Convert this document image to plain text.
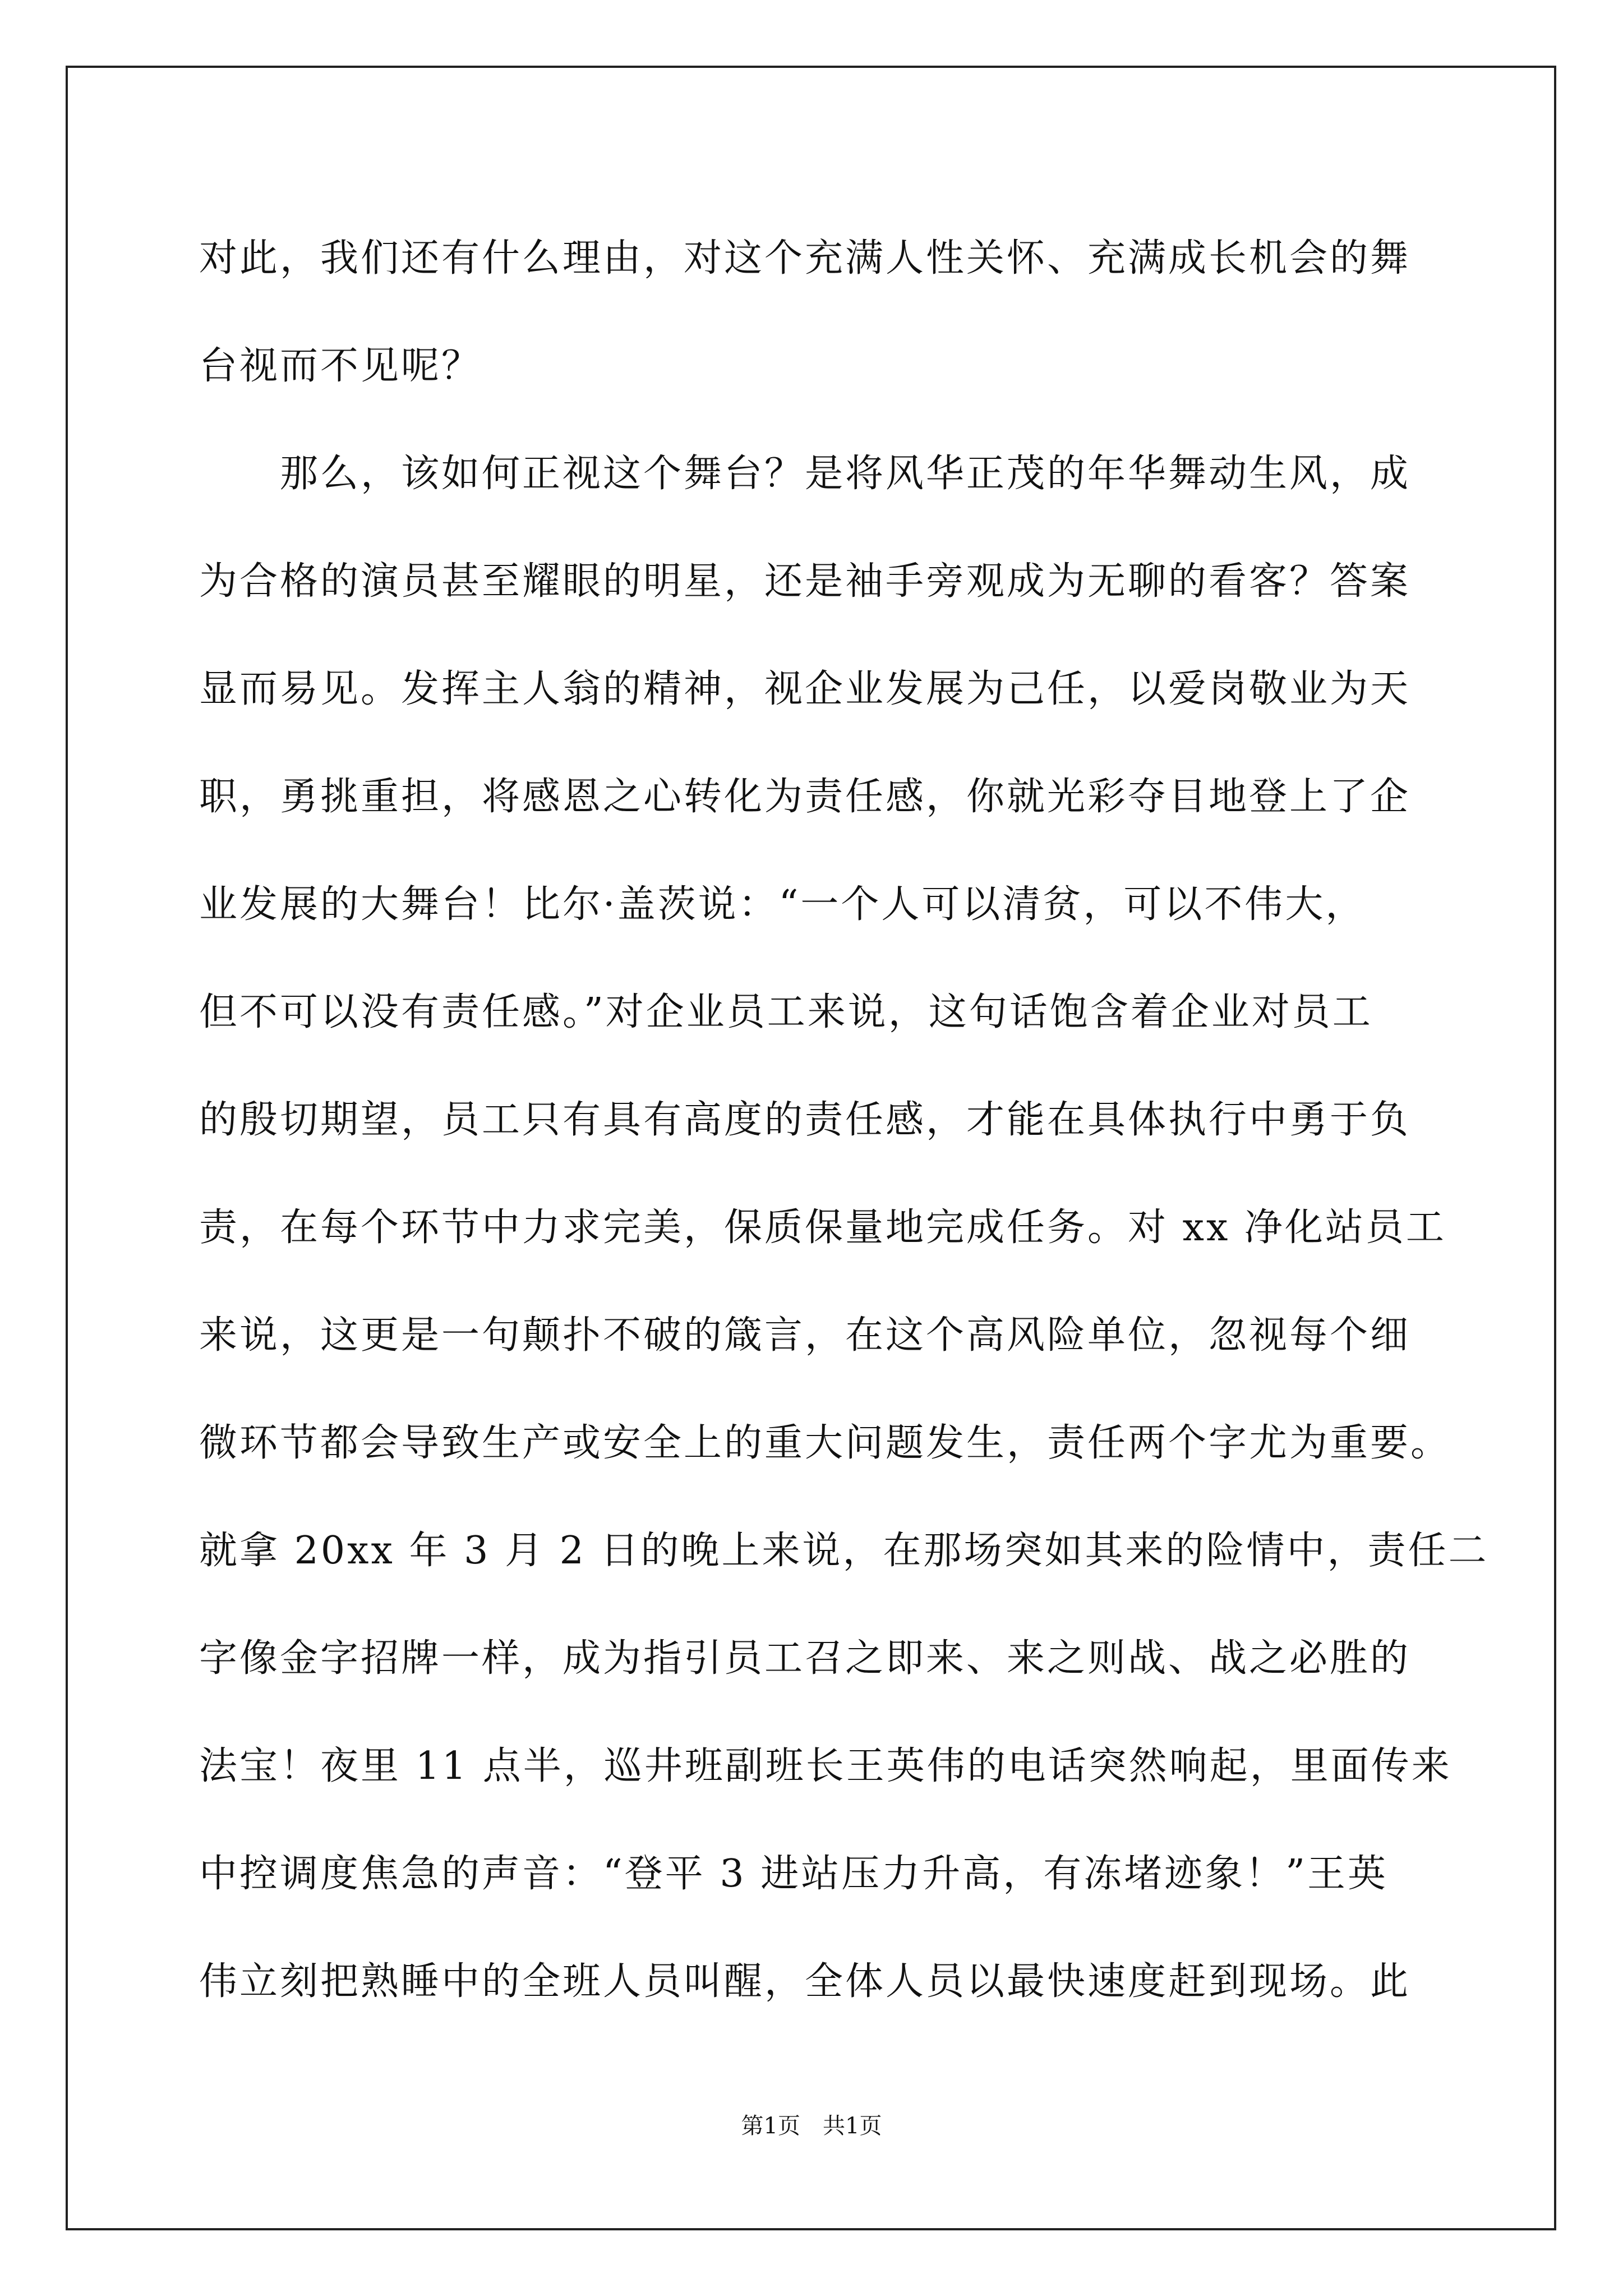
对此，我们还有什么理由，对这个充满人性关怀、充满成长机会的舞
台视而不见呢？
　　那么，该如何正视这个舞台？是将风华正茂的年华舞动生风，成
为合格的演员甚至耀眼的明星，还是袖手旁观成为无聊的看客？答案
显而易见。发挥主人翁的精神，视企业发展为己任，以爱岗敬业为天
职，勇挑重担，将感恩之心转化为责任感，你就光彩夺目地登上了企
业发展的大舞台！比尔·盖茨说：“一个人可以清贫，可以不伟大，
但不可以没有责任感。”对企业员工来说，这句话饱含着企业对员工
的殷切期望，员工只有具有高度的责任感，才能在具体执行中勇于负
责，在每个环节中力求完美，保质保量地完成任务。对 xx 净化站员工
来说，这更是一句颠扑不破的箴言，在这个高风险单位，忽视每个细
微环节都会导致生产或安全上的重大问题发生，责任两个字尤为重要。
就拿 20xx 年 3 月 2 日的晚上来说，在那场突如其来的险情中，责任二
字像金字招牌一样，成为指引员工召之即来、来之则战、战之必胜的
法宝！夜里 11 点半，巡井班副班长王英伟的电话突然响起，里面传来
中控调度焦急的声音：“登平 3 进站压力升高，有冻堵迹象！”王英
伟立刻把熟睡中的全班人员叫醒，全体人员以最快速度赶到现场。此
第1页　共1页
